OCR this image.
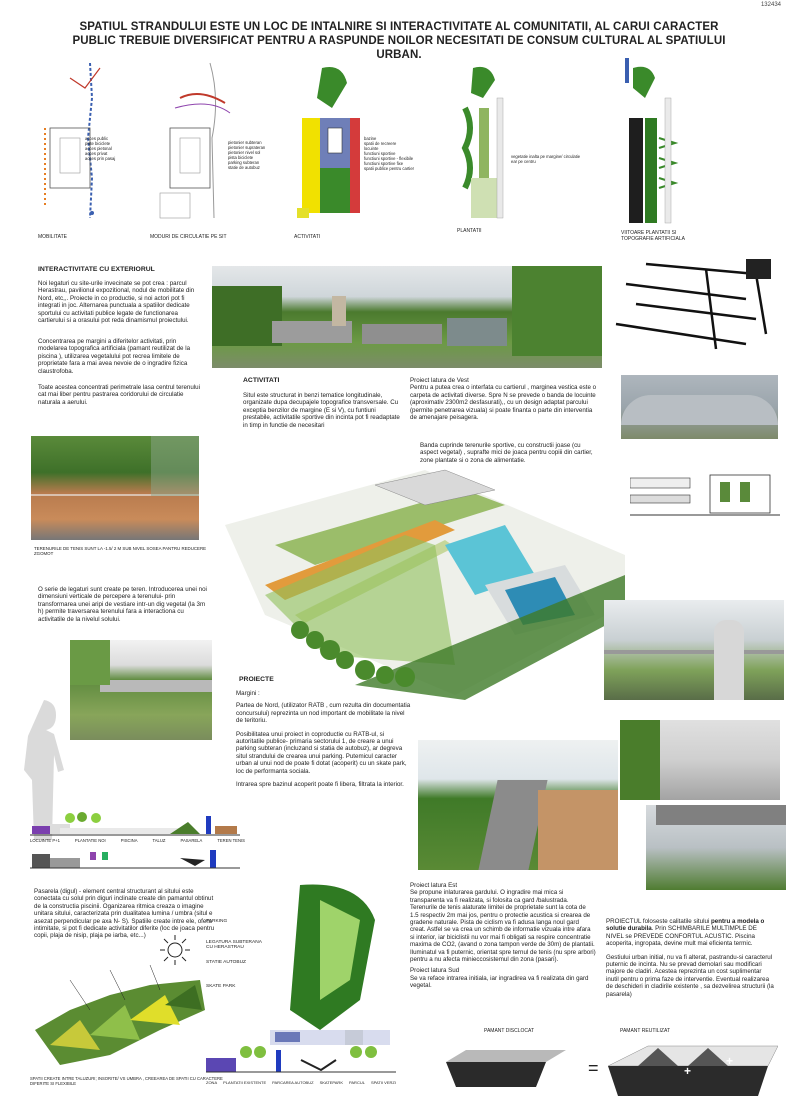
132434
SPATIUL STRANDULUI ESTE UN LOC DE INTALNIRE SI INTERACTIVITATE AL COMUNITATII, AL CARUI CARACTER PUBLIC TREBUIE DIVERSIFICAT PENTRU A RASPUNDE NOILOR NECESITATI DE CONSUM CULTURAL AL SPATIULUI URBAN.
acces public
piste biciclete
acces pietonal
acces privat
acces prin pasaj
MOBILITATE
pietonier subteran
pietonier suprateran
pietonier nivel sol
pista biciclete
parking subteran
statie de autobuz
MODURI DE CIRCULATIE PE SIT
bazine
spatii de recreere
locuinte
functiuni sportive
functiuni sportive - flexibile
functiuni sportive fixe
spatii publice pentru cartier
ACTIVITATI
vegetatie inalta pe margine/ circulatie ear pe centru
PLANTATII	VIITOARE PLANTATII SI TOPOGRAFIE ARTIFICIALA
INTERACTIVITATE CU EXTERIORUL
Noi legaturi cu site-urile invecinate se pot crea : parcul Herastrau, pavilionul expozitional, nodul de mobilitate din Nord, etc,,. Proiecte in co productie, si noi actori pot fi integrati in joc. Alternarea punctuala a spatiilor dedicate sportului cu activitati publice legate de functionarea cartierului si a orasului pot reda dinamismul proiectului.
Concentrarea pe margini a diferitelor activitati, prin modelarea topografica artificiala (pamant reutilizat de la piscina ), utilizarea vegetalului pot recrea limitele de proprietate fara a mai avea nevoie de o ingradire fizica claustrofoba.
Toate acestea concentrati perimetrale lasa centrul terenului cat mai liber pentru pastrarea coridorului de circulatie naturala a aerului.
TERENURILE DE TENIS SUNT LA -1.5/ 2 M SUB NIVEL SOSEA PANTRU REDUCERE ZGOMOT
O serie de legaturi sunt create pe teren. Introducerea unei noi dimensiuni verticale de percepere a terenului- prin transformarea unei aripi de vestiare intr-un dig vegetal (la 3m h) permite traversarea terenului fara a interactiona cu activitatile de la nivelul solului.
LOCUINTE P+1	PLANTATIE NOI	PISCINA	TALUZ	PASARELA	TEREN TENIS
Pasarela (digul) - element central structurant al sitului este conectata cu solul prin diguri inclinate create din pamantul obtinut de la constructia piscinii. Oganizarea ritmica creaza o imagine unitara sitului, caracterizata prin dualitatea lumina / umbra (situl e asezat perpendicular pe axa N- S). Spatiile create intre ele, ofera intimitate, si pot fi dedicate activitatilor diferite (loc de joaca pentru copii, plaja de nisip, plaja pe iarba, etc...)
SPATII CREATE INTRE TALUZURI; INSORITE/ VS UMBRA , CREEAREA DE SPATII CU CARACTERE DIFERITE SI FLEXIBILE
ACTIVITATI
Situl este structurat in benzi tematice longitudinale, organizate dupa decupajele topografice transversale. Cu exceptia benzilor de margine (E si V), cu funtiuni prestabile, activitatile sportive din incinta pot fi readaptate in timp in functie de necesitari
Proiect latura de Vest
Pentru a putea crea o interfata cu cartierul , marginea vestica este o carpeta de activitati diverse. Spre N se prevede o banda de locuinte (aproximativ 2300m2 desfasurati),, cu un design adaptat parcului (permite penetrarea vizuala) si poate finanta o parte din interventia de amenajare peisagera.
Banda cuprinde terenurile sportive, cu constructii joase (cu aspect vegetal) , suprafte mici de joaca pentru copiii din cartier, zone plantate si o zona de alimentatie.
PROIECTE
Margini :
Partea de Nord, (utilizator RATB , cum rezulta din documentatia concursului) reprezinta un nod important de mobilitate la nivel de teritoriu.
Posibilitatea unui proiect in coproductie cu RATB-ul, si autoritatile publice- primaria sectorului 1, de creare a unui parking subteran (incluzand si statia de autobuz), ar degreva situl strandului de crearea unui parking. Putemicul caracter urban al unui nod de poate fi dotat (acoperit) cu un skate park, loc de performanta sociala.
Intrarea spre bazinul acoperit poate fi libera, filtrata la interior.
PARKING
LEGATURA SUBTERANA CU HERASTRAU
STATIE AUTOBUZ
SKATE PARK
ZONA PLANTATII EXISTENTE PARCAREA AUTOBUZ SKATEPARK PARCUL SPATII VERZI
Proiect latura Est
Se propune inlaturarea gardului. O ingradire mai mica si transparenta va fi realizata, si folosita ca gard /balustrada. Terenurile de tenis alaturate limitei de proprietate sunt la cota de 1.5 respectiv 2m mai jos, pentru o protectie acustica si crearea de gradene naturale. Pista de ciclism va fi adusa langa noul gard creat. Astfel se va crea un schimb de informatie vizuala intre afara si interior, iar biciclistii nu vor mai fi obligati sa respire concentratie maxima de CO2, (avand o zona tampon verde de 30m) de plantatii. Iluminatul va fi puternic, orientat spre ternul de tenis (nu spre arbori) pentru a nu afecta minieccosistemul din zona (pasari).
Proiect latura Sud
Se va reface intrarea initiala, iar ingradirea va fi realizata din gard vegetal.
PROIECTUL foloseste calitatile sitului pentru a modela o solutie durabila. Prin SCHIMBARILE MULTIMPLE DE NIVEL se PREVEDE CONFORTUL ACUSTIC. Piscina acoperita, ingropata, devine mult mai eficienta termic.
Gestiului urban initial, nu va fi alterat, pastrandu-si caracterul puternic de incinta. Nu se prevad demolari sau modificari majore de cladiri. Acestea reprezinta un cost suplimentar inutil pentru o prima faze de interventie. Eventual realizarea de deschideri in cladirile existente , sa dezvelirea structurii (la pasarela)
PAMANT DISCLOCAT	PAMANT REUTILIZAT
=	+
+
